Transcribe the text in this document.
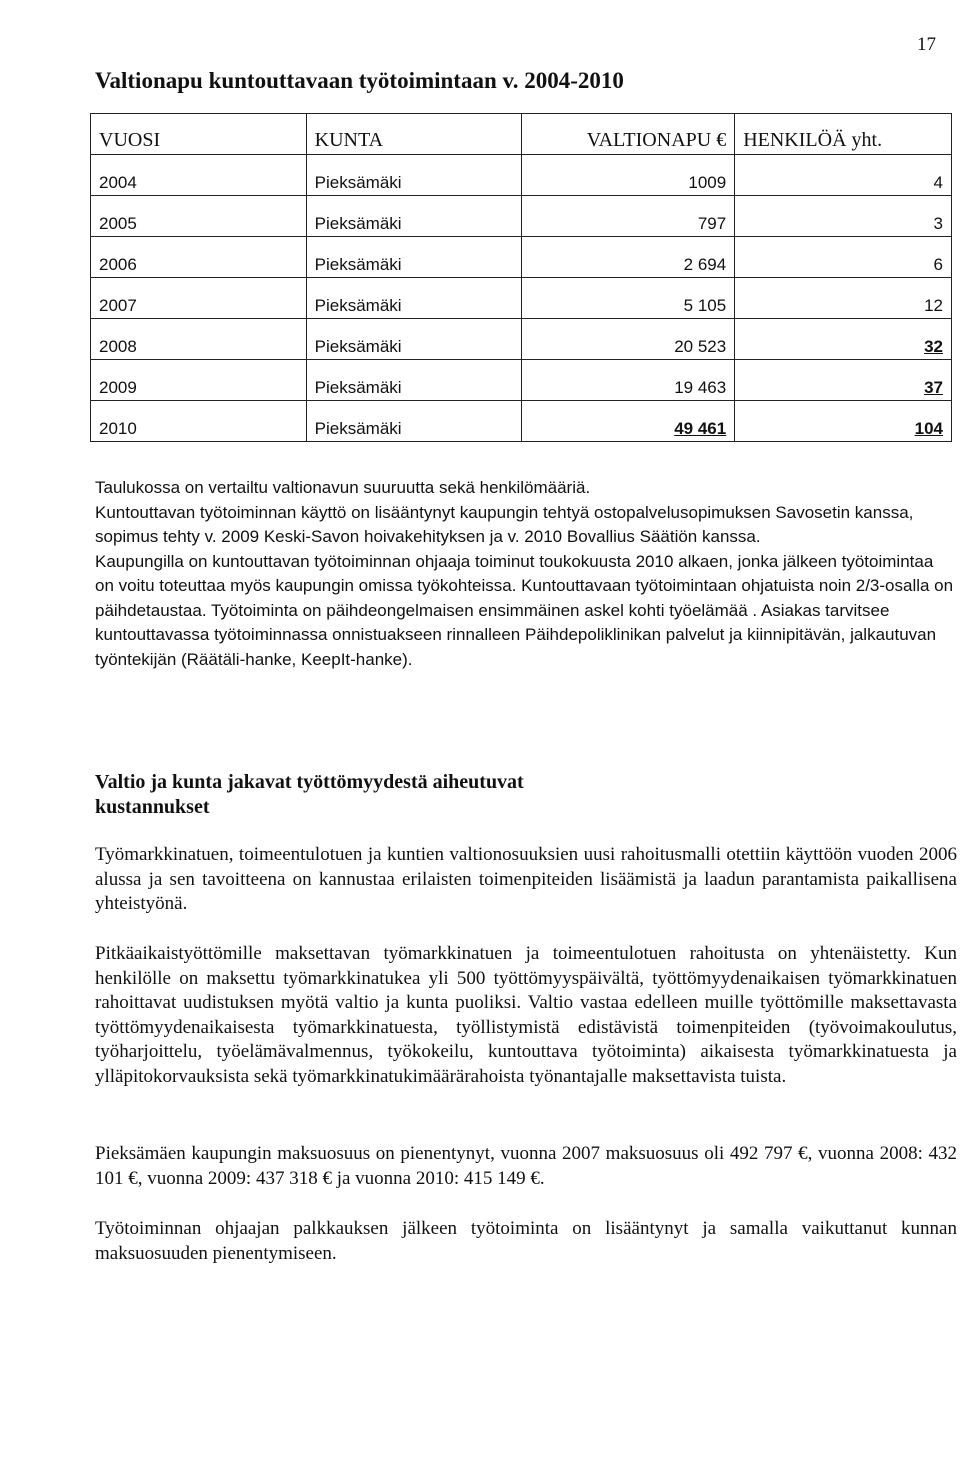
17
Valtionapu kuntouttavaan työtoimintaan v. 2004-2010
VUOSI	KUNTA	VALTIONAPU €	HENKILÖÄ yht.
2004	Pieksämäki	1009	4
2005	Pieksämäki	797	3
2006	Pieksämäki	2 694	6
2007	Pieksämäki	5 105	12
2008	Pieksämäki	20 523	32
2009	Pieksämäki	19 463	37
2010	Pieksämäki	49 461	104

Taulukossa on vertailtu valtionavun suuruutta sekä henkilömääriä.

Kuntouttavan työtoiminnan käyttö on lisääntynyt kaupungin tehtyä ostopalvelusopimuksen Savosetin kanssa, sopimus tehty v. 2009 Keski-Savon hoivakehityksen ja v. 2010 Bovallius Säätiön kanssa.

Kaupungilla on kuntouttavan työtoiminnan ohjaaja toiminut toukokuusta 2010 alkaen, jonka jälkeen työtoimintaa on voitu toteuttaa myös kaupungin omissa työkohteissa. Kuntouttavaan työtoimintaan ohjatuista noin 2/3-osalla on päihdetaustaa. Työtoiminta on päihdeongelmaisen ensimmäinen askel kohti työelämää . Asiakas tarvitsee kuntouttavassa työtoiminnassa onnistuakseen rinnalleen Päihdepoliklinikan palvelut ja kiinnipitävän, jalkautuvan työntekijän (Räätäli-hanke, KeepIt-hanke).

Valtio ja kunta jakavat työttömyydestä aiheutuvat kustannukset
Työmarkkinatuen, toimeentulotuen ja kuntien valtionosuuksien uusi rahoitusmalli otettiin käyttöön vuoden 2006 alussa ja sen tavoitteena on kannustaa erilaisten toimenpiteiden lisäämistä ja laadun parantamista paikallisena yhteistyönä.
Pitkäaikaistyöttömille maksettavan työmarkkinatuen ja toimeentulotuen rahoitusta on yhtenäistetty. Kun henkilölle on maksettu työmarkkinatukea yli 500 työttömyyspäivältä, työttömyydenaikaisen työmarkkinatuen rahoittavat uudistuksen myötä valtio ja kunta puoliksi. Valtio vastaa edelleen muille työttömille maksettavasta työttömyydenaikaisesta työmarkkinatuesta, työllistymistä edistävistä toimenpiteiden (työvoimakoulutus, työharjoittelu, työelämävalmennus, työkokeilu, kuntouttava työtoiminta) aikaisesta työmarkkinatuesta ja ylläpitokorvauksista sekä työmarkkinatukimäärärahoista työnantajalle maksettavista tuista.
Pieksämäen kaupungin maksuosuus on pienentynyt, vuonna 2007 maksuosuus oli 492 797 €, vuonna 2008: 432 101 €, vuonna 2009: 437 318 € ja vuonna 2010: 415 149 €.
Työtoiminnan ohjaajan palkkauksen jälkeen työtoiminta on lisääntynyt ja samalla vaikuttanut kunnan maksuosuuden pienentymiseen.
